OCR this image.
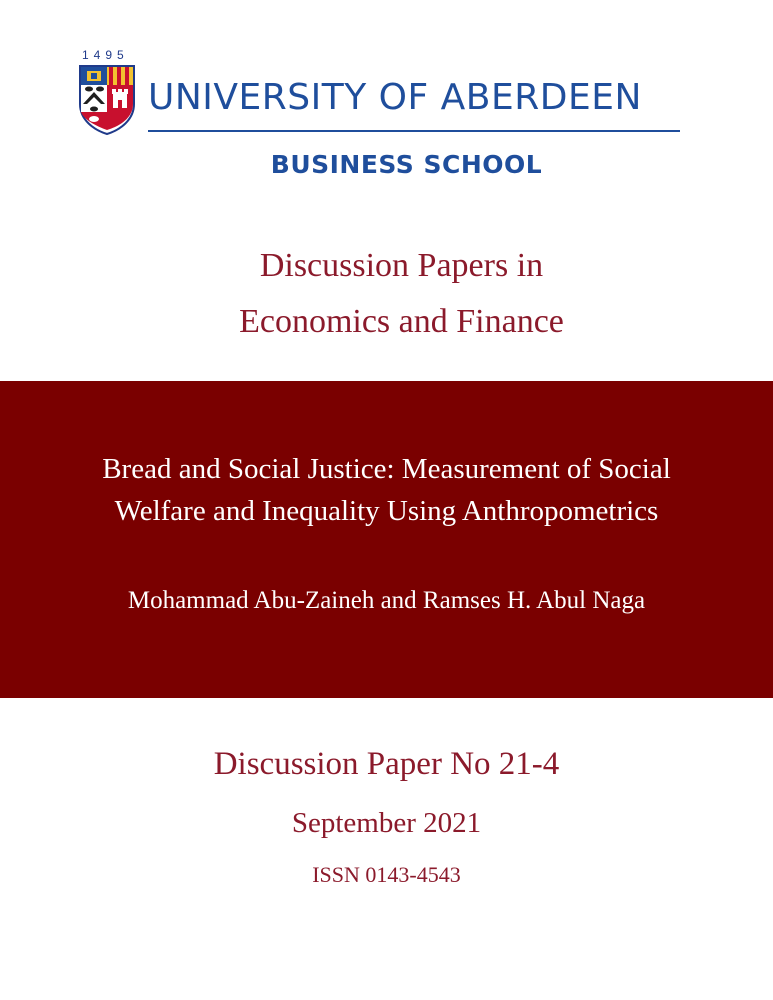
1495
UNIVERSITY OF ABERDEEN
BUSINESS SCHOOL
Discussion Papers in
Economics and Finance
Bread and Social Justice: Measurement of Social
Welfare and Inequality Using Anthropometrics
Mohammad Abu-Zaineh and Ramses H. Abul Naga
Discussion Paper No 21-4
September 2021
ISSN 0143-4543
